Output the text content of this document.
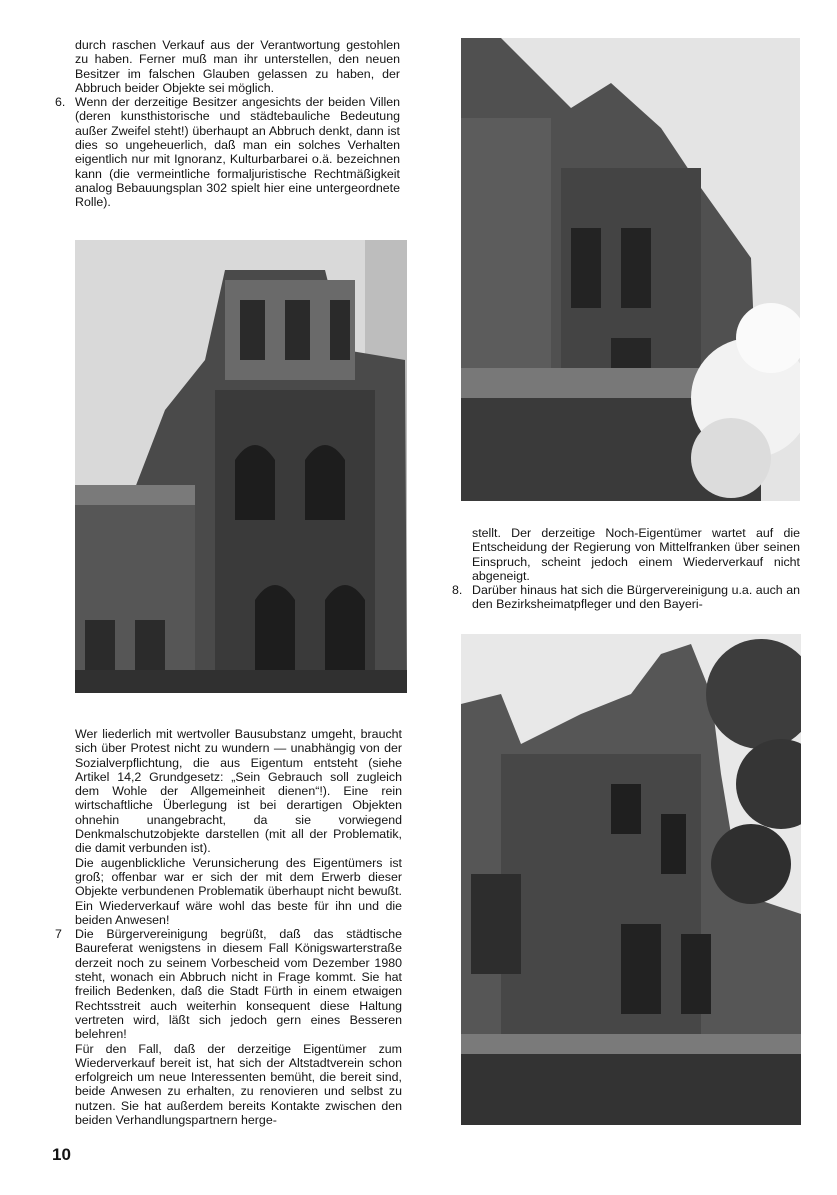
durch raschen Verkauf aus der Verantwortung gestohlen zu haben. Ferner muß man ihr unterstellen, den neuen Besitzer im falschen Glauben gelassen zu haben, der Abbruch beider Objekte sei möglich.

6. Wenn der derzeitige Besitzer angesichts der beiden Villen (deren kunsthistorische und städtebauliche Bedeutung außer Zweifel steht!) überhaupt an Abbruch denkt, dann ist dies so ungeheuerlich, daß man ein solches Verhalten eigentlich nur mit Ignoranz, Kulturbarbarei o.ä. bezeichnen kann (die vermeintliche formaljuristische Rechtmäßigkeit analog Bebauungsplan 302 spielt hier eine untergeordnete Rolle).

stellt. Der derzeitige Noch-Eigentümer wartet auf die Entscheidung der Regierung von Mittelfranken über seinen Einspruch, scheint jedoch einem Wiederverkauf nicht abgeneigt.

8. Darüber hinaus hat sich die Bürgervereinigung u.a. auch an den Bezirksheimatpfleger und den Bayeri-

Wer liederlich mit wertvoller Bausubstanz umgeht, braucht sich über Protest nicht zu wundern — unabhängig von der Sozialverpflichtung, die aus Eigentum entsteht (siehe Artikel 14,2 Grundgesetz: „Sein Gebrauch soll zugleich dem Wohle der Allgemeinheit dienen“!). Eine rein wirtschaftliche Überlegung ist bei derartigen Objekten ohnehin unangebracht, da sie vorwiegend Denkmalschutzobjekte darstellen (mit all der Problematik, die damit verbunden ist).

Die augenblickliche Verunsicherung des Eigentümers ist groß; offenbar war er sich der mit dem Erwerb dieser Objekte verbundenen Problematik überhaupt nicht bewußt. Ein Wiederverkauf wäre wohl das beste für ihn und die beiden Anwesen!

7 Die Bürgervereinigung begrüßt, daß das städtische Baureferat wenigstens in diesem Fall Königswarterstraße derzeit noch zu seinem Vorbescheid vom Dezember 1980 steht, wonach ein Abbruch nicht in Frage kommt. Sie hat freilich Bedenken, daß die Stadt Fürth in einem etwaigen Rechtsstreit auch weiterhin konsequent diese Haltung vertreten wird, läßt sich jedoch gern eines Besseren belehren!

Für den Fall, daß der derzeitige Eigentümer zum Wiederverkauf bereit ist, hat sich der Altstadtverein schon erfolgreich um neue Interessenten bemüht, die bereit sind, beide Anwesen zu erhalten, zu renovieren und selbst zu nutzen. Sie hat außerdem bereits Kontakte zwischen den beiden Verhandlungspartnern herge-

10
